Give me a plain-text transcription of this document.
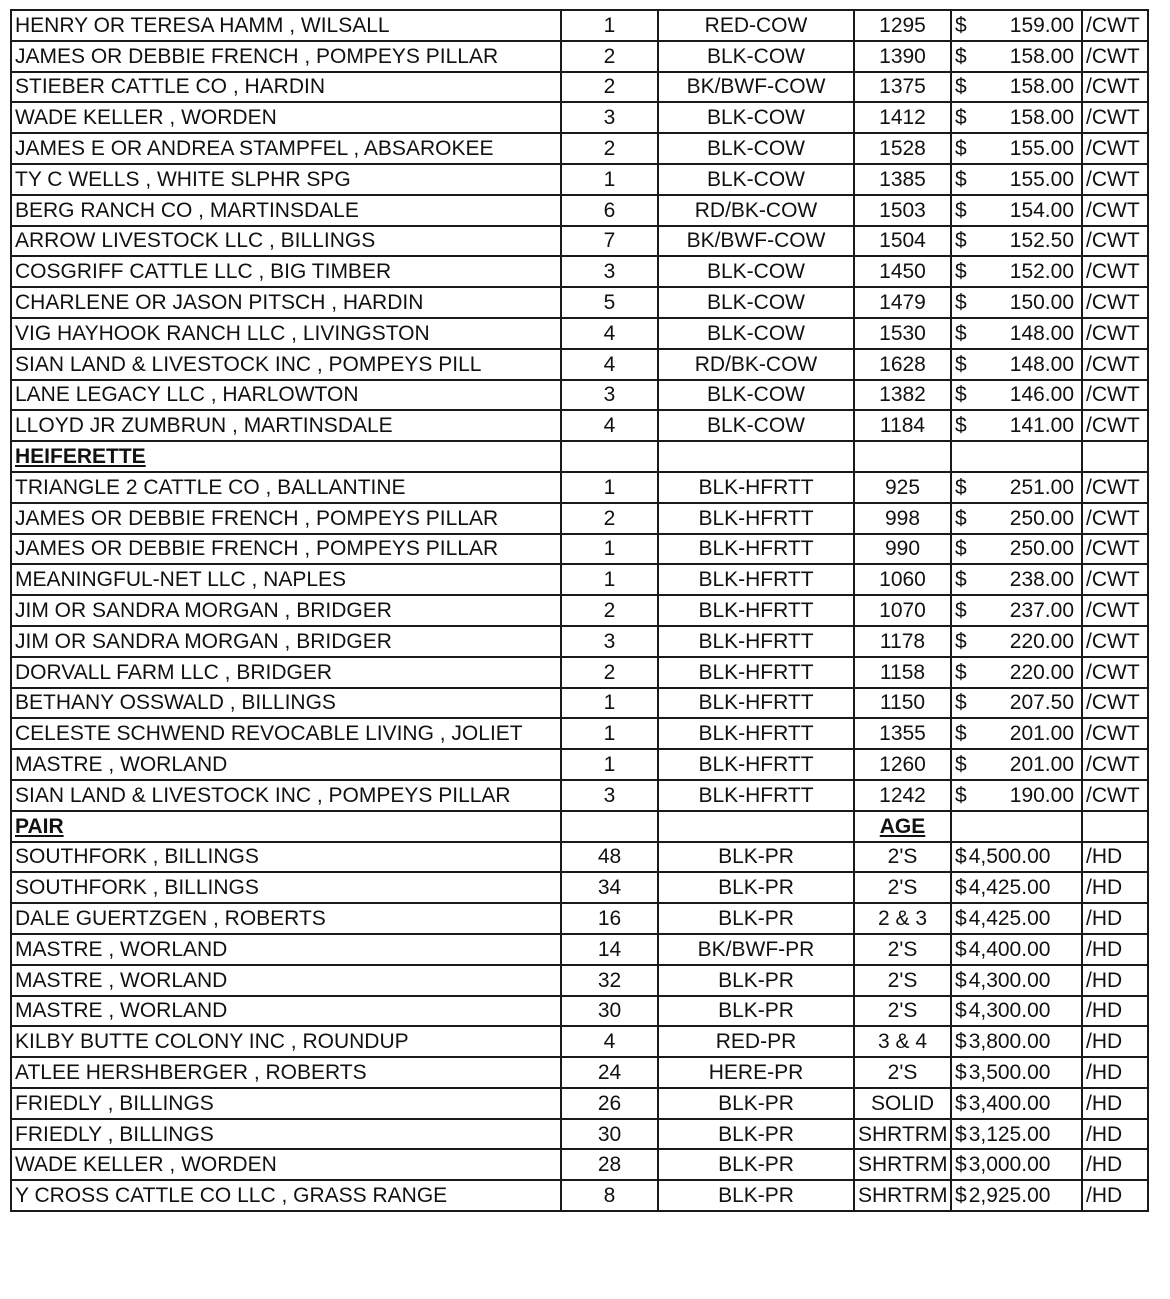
HENRY OR TERESA HAMM , WILSALL	1	RED-COW	1295	$ 159.00	/CWT
JAMES OR DEBBIE FRENCH , POMPEYS PILLAR	2	BLK-COW	1390	$ 158.00	/CWT
STIEBER CATTLE CO , HARDIN	2	BK/BWF-COW	1375	$ 158.00	/CWT
WADE KELLER , WORDEN	3	BLK-COW	1412	$ 158.00	/CWT
JAMES E OR ANDREA STAMPFEL , ABSAROKEE	2	BLK-COW	1528	$ 155.00	/CWT
TY C WELLS , WHITE SLPHR SPG	1	BLK-COW	1385	$ 155.00	/CWT
BERG RANCH CO , MARTINSDALE	6	RD/BK-COW	1503	$ 154.00	/CWT
ARROW LIVESTOCK LLC , BILLINGS	7	BK/BWF-COW	1504	$ 152.50	/CWT
COSGRIFF CATTLE LLC , BIG TIMBER	3	BLK-COW	1450	$ 152.00	/CWT
CHARLENE OR JASON PITSCH , HARDIN	5	BLK-COW	1479	$ 150.00	/CWT
VIG HAYHOOK RANCH LLC , LIVINGSTON	4	BLK-COW	1530	$ 148.00	/CWT
SIAN LAND & LIVESTOCK INC , POMPEYS PILL	4	RD/BK-COW	1628	$ 148.00	/CWT
LANE LEGACY LLC , HARLOWTON	3	BLK-COW	1382	$ 146.00	/CWT
LLOYD JR ZUMBRUN , MARTINSDALE	4	BLK-COW	1184	$ 141.00	/CWT
HEIFERETTE					
TRIANGLE 2 CATTLE CO , BALLANTINE	1	BLK-HFRTT	925	$ 251.00	/CWT
JAMES OR DEBBIE FRENCH , POMPEYS PILLAR	2	BLK-HFRTT	998	$ 250.00	/CWT
JAMES OR DEBBIE FRENCH , POMPEYS PILLAR	1	BLK-HFRTT	990	$ 250.00	/CWT
MEANINGFUL-NET LLC , NAPLES	1	BLK-HFRTT	1060	$ 238.00	/CWT
JIM OR SANDRA MORGAN , BRIDGER	2	BLK-HFRTT	1070	$ 237.00	/CWT
JIM OR SANDRA MORGAN , BRIDGER	3	BLK-HFRTT	1178	$ 220.00	/CWT
DORVALL FARM LLC , BRIDGER	2	BLK-HFRTT	1158	$ 220.00	/CWT
BETHANY OSSWALD , BILLINGS	1	BLK-HFRTT	1150	$ 207.50	/CWT
CELESTE SCHWEND REVOCABLE LIVING , JOLIET	1	BLK-HFRTT	1355	$ 201.00	/CWT
MASTRE , WORLAND	1	BLK-HFRTT	1260	$ 201.00	/CWT
SIAN LAND & LIVESTOCK INC , POMPEYS PILLAR	3	BLK-HFRTT	1242	$ 190.00	/CWT
PAIR			AGE		
SOUTHFORK , BILLINGS	48	BLK-PR	2'S	$4,500.00	/HD
SOUTHFORK , BILLINGS	34	BLK-PR	2'S	$4,425.00	/HD
DALE GUERTZGEN , ROBERTS	16	BLK-PR	2 & 3	$4,425.00	/HD
MASTRE , WORLAND	14	BK/BWF-PR	2'S	$4,400.00	/HD
MASTRE , WORLAND	32	BLK-PR	2'S	$4,300.00	/HD
MASTRE , WORLAND	30	BLK-PR	2'S	$4,300.00	/HD
KILBY BUTTE COLONY INC , ROUNDUP	4	RED-PR	3 & 4	$3,800.00	/HD
ATLEE HERSHBERGER , ROBERTS	24	HERE-PR	2'S	$3,500.00	/HD
FRIEDLY , BILLINGS	26	BLK-PR	SOLID	$3,400.00	/HD
FRIEDLY , BILLINGS	30	BLK-PR	SHRTRM	$3,125.00	/HD
WADE KELLER , WORDEN	28	BLK-PR	SHRTRM	$3,000.00	/HD
Y CROSS CATTLE CO LLC , GRASS RANGE	8	BLK-PR	SHRTRM	$2,925.00	/HD
